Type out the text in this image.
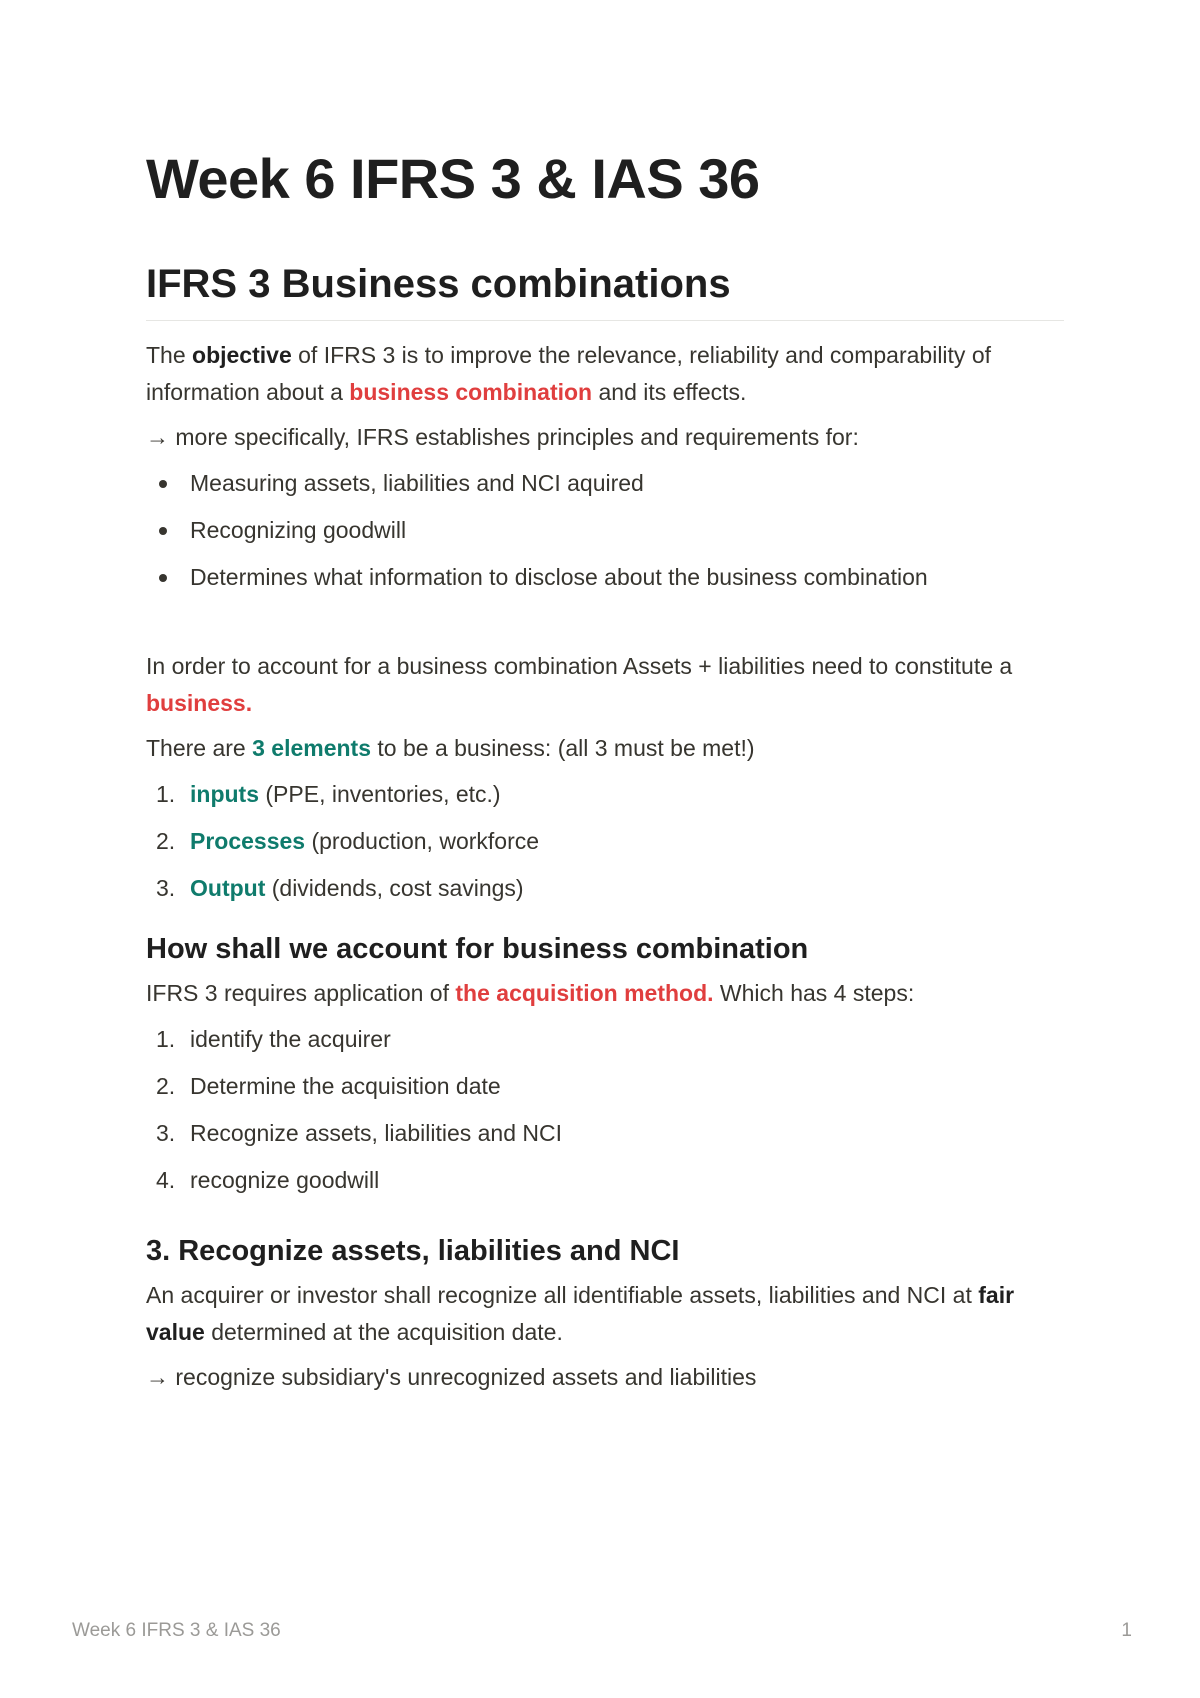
Week 6 IFRS 3 & IAS 36
IFRS 3 Business combinations

The objective of IFRS 3 is to improve the relevance, reliability and comparability of information about a business combination and its effects.

→ more specifically, IFRS establishes principles and requirements for:

Measuring assets, liabilities and NCI aquired
Recognizing goodwill
Determines what information to disclose about the business combination

In order to account for a business combination Assets + liabilities need to constitute a business.

There are 3 elements to be a business: (all 3 must be met!)

1. inputs (PPE, inventories, etc.)
2. Processes (production, workforce
3. Output (dividends, cost savings)
How shall we account for business combination

IFRS 3 requires application of the acquisition method. Which has 4 steps:

1. identify the acquirer
2. Determine the acquisition date
3. Recognize assets, liabilities and NCI
4. recognize goodwill
3. Recognize assets, liabilities and NCI

An acquirer or investor shall recognize all identifiable assets, liabilities and NCI at fair value determined at the acquisition date.

→ recognize subsidiary's unrecognized assets and liabilities

Week 6 IFRS 3 & IAS 36	1
